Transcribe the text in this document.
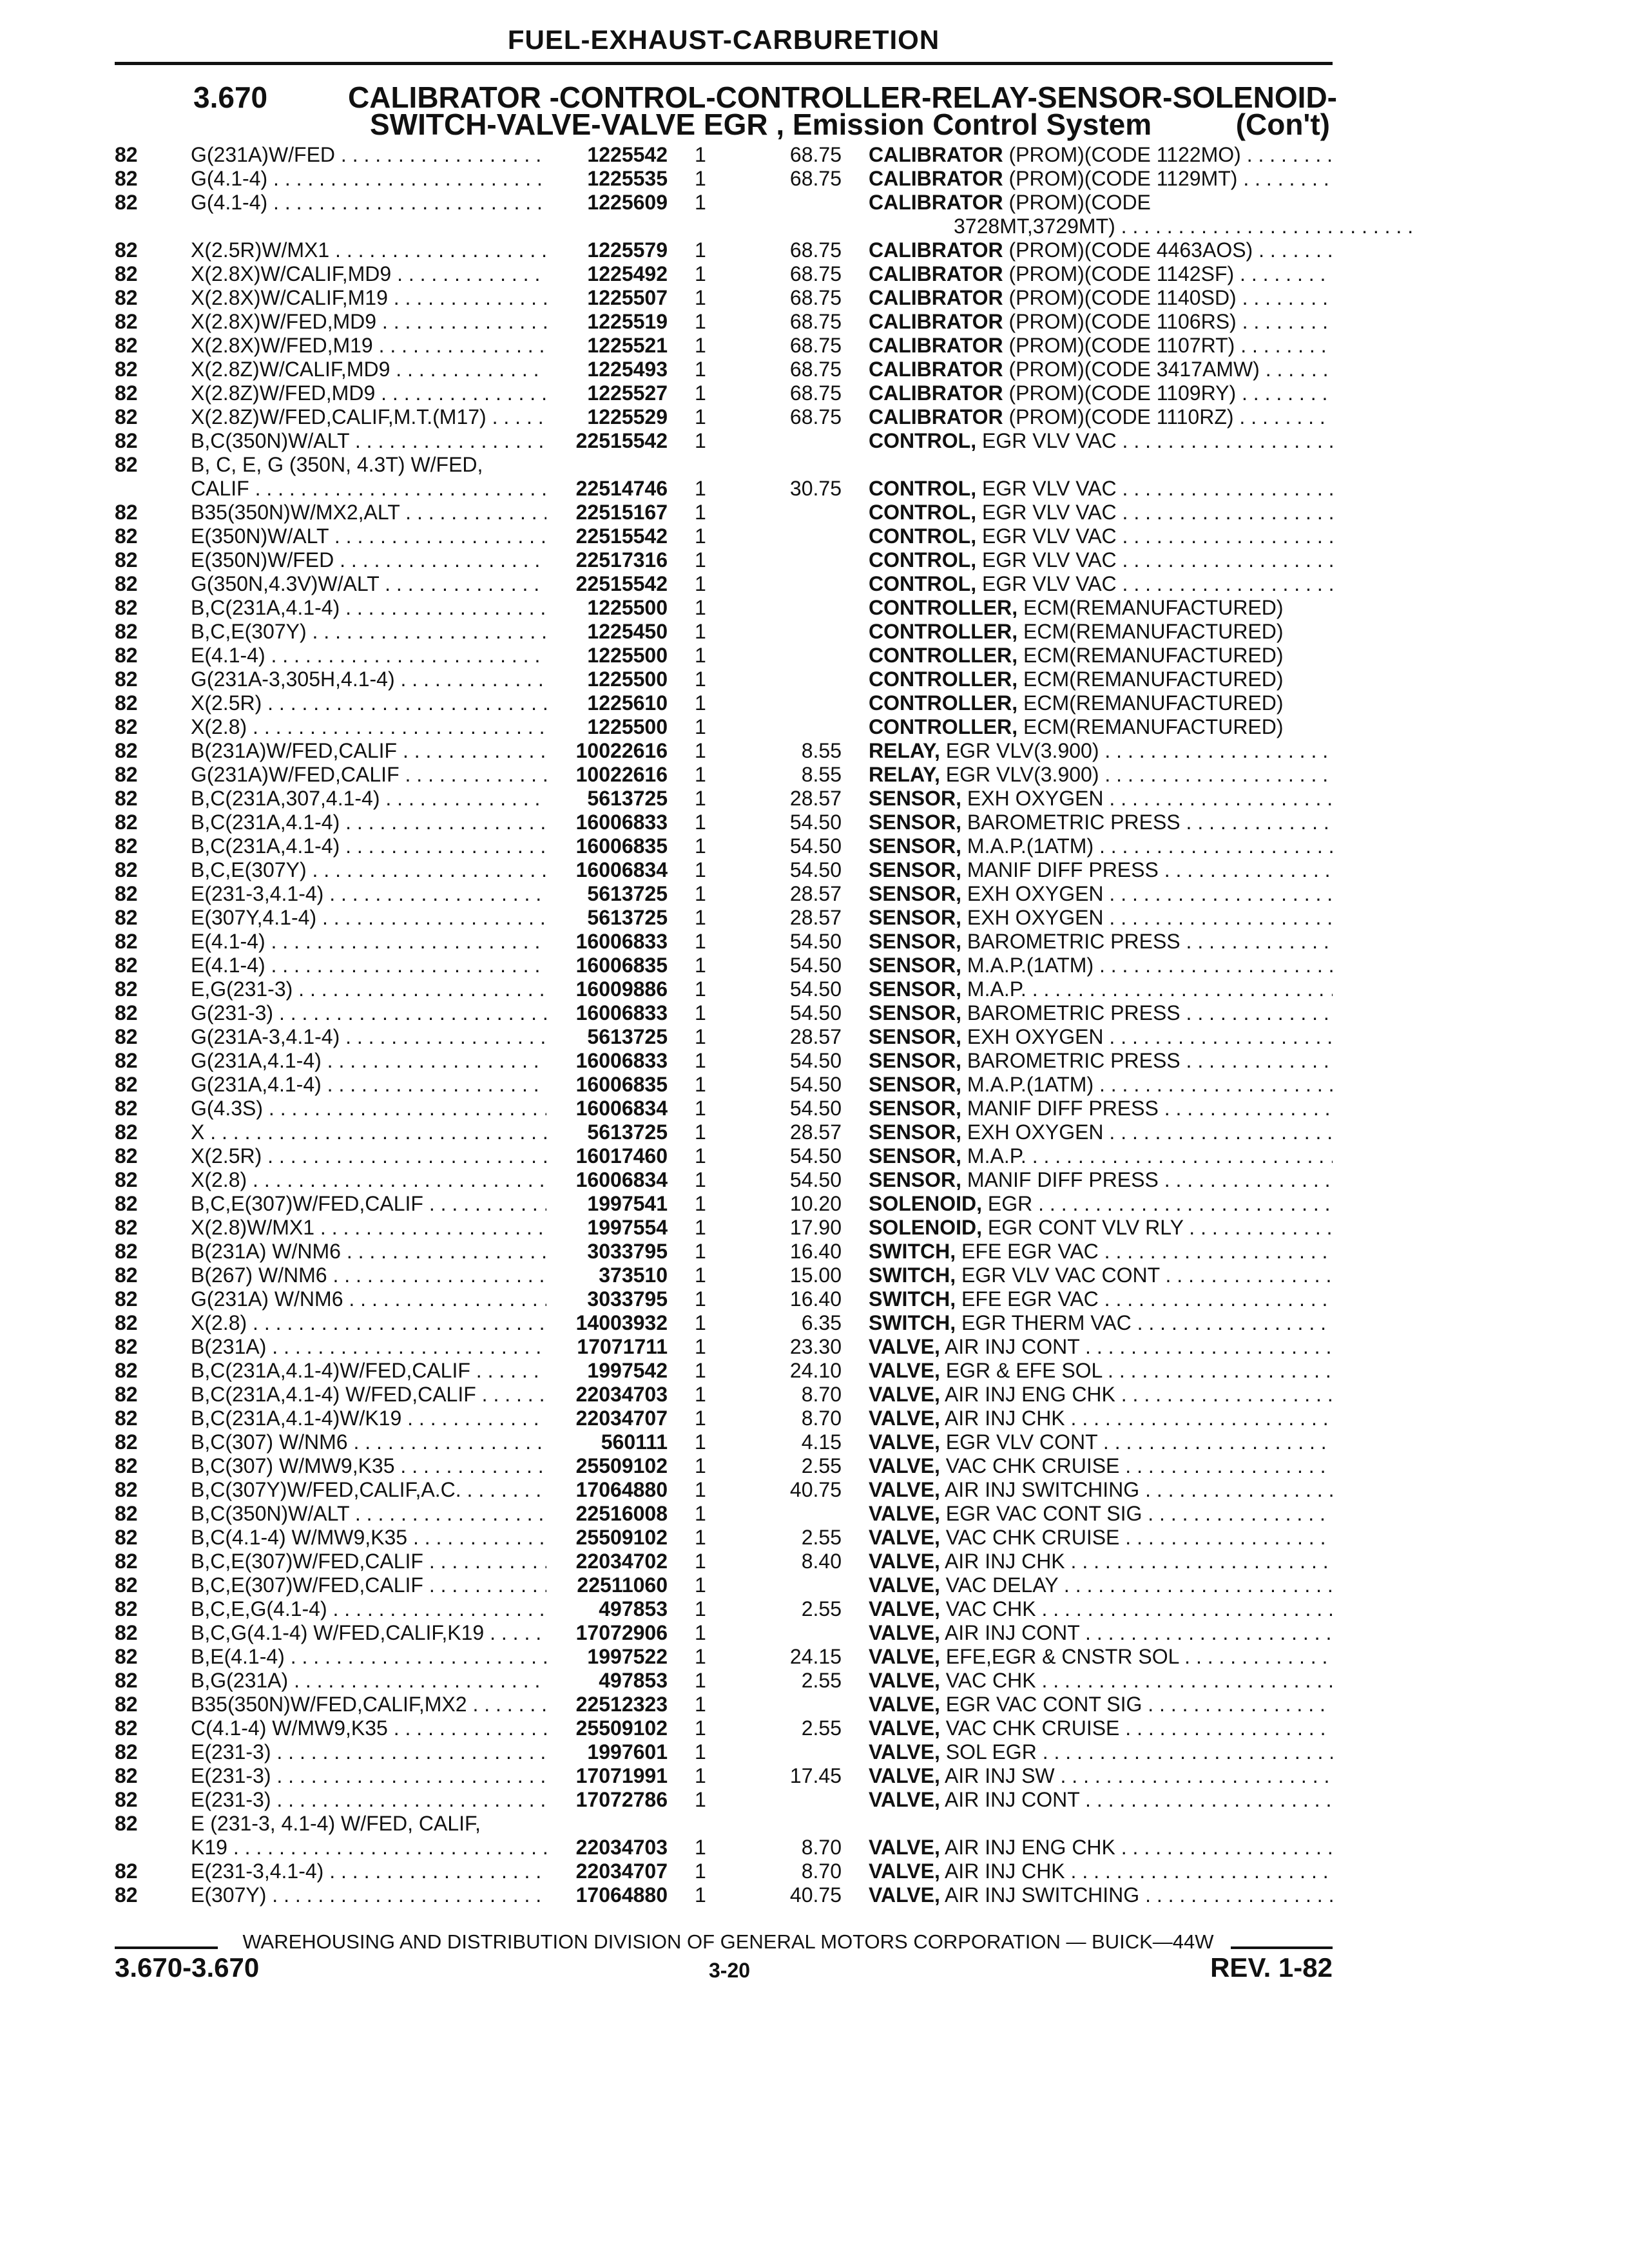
FUEL-EXHAUST-CARBURETION
3.670	CALIBRATOR -CONTROL-CONTROLLER-RELAY-SENSOR-SOLENOID-
SWITCH-VALVE-VALVE EGR , Emission Control System	(Con't)
82	G(231A)W/FED . . .	1225542 1	68.75 CALIBRATOR (PROM)(CODE 1122MO) . . .
82	G(4.1-4) . . .	1225535 1	68.75 CALIBRATOR (PROM)(CODE 1129MT) . . .
82	G(4.1-4) . . .	1225609 1	CALIBRATOR (PROM)(CODE
3728MT,3729MT) . . .
82	X(2.5R)W/MX1 . . .	1225579 1	68.75 CALIBRATOR (PROM)(CODE 4463AOS) . . .
82	X(2.8X)W/CALIF,MD9 . . .	1225492 1	68.75 CALIBRATOR (PROM)(CODE 1142SF) . . .
82	X(2.8X)W/CALIF,M19 . . .	1225507 1	68.75 CALIBRATOR (PROM)(CODE 1140SD) . . .
82	X(2.8X)W/FED,MD9 . . .	1225519 1	68.75 CALIBRATOR (PROM)(CODE 1106RS) . . .
82	X(2.8X)W/FED,M19 . . .	1225521 1	68.75 CALIBRATOR (PROM)(CODE 1107RT) . . .
82	X(2.8Z)W/CALIF,MD9 . . .	1225493 1	68.75 CALIBRATOR (PROM)(CODE 3417AMW) . . .
82	X(2.8Z)W/FED,MD9 . . .	1225527 1	68.75 CALIBRATOR (PROM)(CODE 1109RY) . . .
82	X(2.8Z)W/FED,CALIF,M.T.(M17) . . .	1225529 1	68.75 CALIBRATOR (PROM)(CODE 1110RZ) . . .
82	B,C(350N)W/ALT . . .	22515542 1	CONTROL, EGR VLV VAC . . .
82	B, C, E, G (350N, 4.3T) W/FED,
CALIF . . .	22514746 1	30.75 CONTROL, EGR VLV VAC . . .
82	B35(350N)W/MX2,ALT . . .	22515167 1	CONTROL, EGR VLV VAC . . .
82	E(350N)W/ALT . . .	22515542 1	CONTROL, EGR VLV VAC . . .
82	E(350N)W/FED . . .	22517316 1	CONTROL, EGR VLV VAC . . .
82	G(350N,4.3V)W/ALT . . .	22515542 1	CONTROL, EGR VLV VAC . . .
82	B,C(231A,4.1-4) . . .	1225500 1	CONTROLLER, ECM(REMANUFACTURED)
82	B,C,E(307Y) . . .	1225450 1	CONTROLLER, ECM(REMANUFACTURED)
82	E(4.1-4) . . .	1225500 1	CONTROLLER, ECM(REMANUFACTURED)
82	G(231A-3,305H,4.1-4) . . .	1225500 1	CONTROLLER, ECM(REMANUFACTURED)
82	X(2.5R) . . .	1225610 1	CONTROLLER, ECM(REMANUFACTURED)
82	X(2.8) . . .	1225500 1	CONTROLLER, ECM(REMANUFACTURED)
82	B(231A)W/FED,CALIF . . .	10022616 1	8.55 RELAY, EGR VLV(3.900) . . .
82	G(231A)W/FED,CALIF . . .	10022616 1	8.55 RELAY, EGR VLV(3.900) . . .
82	B,C(231A,307,4.1-4) . . .	5613725 1	28.57 SENSOR, EXH OXYGEN . . .
82	B,C(231A,4.1-4) . . .	16006833 1	54.50 SENSOR, BAROMETRIC PRESS . . .
82	B,C(231A,4.1-4) . . .	16006835 1	54.50 SENSOR, M.A.P.(1ATM) . . .
82	B,C,E(307Y) . . .	16006834 1	54.50 SENSOR, MANIF DIFF PRESS . . .
82	E(231-3,4.1-4) . . .	5613725 1	28.57 SENSOR, EXH OXYGEN . . .
82	E(307Y,4.1-4) . . .	5613725 1	28.57 SENSOR, EXH OXYGEN . . .
82	E(4.1-4) . . .	16006833 1	54.50 SENSOR, BAROMETRIC PRESS . . .
82	E(4.1-4) . . .	16006835 1	54.50 SENSOR, M.A.P.(1ATM) . . .
82	E,G(231-3) . . .	16009886 1	54.50 SENSOR, M.A.P. . . .
82	G(231-3) . . .	16006833 1	54.50 SENSOR, BAROMETRIC PRESS . . .
82	G(231A-3,4.1-4) . . .	5613725 1	28.57 SENSOR, EXH OXYGEN . . .
82	G(231A,4.1-4) . . .	16006833 1	54.50 SENSOR, BAROMETRIC PRESS . . .
82	G(231A,4.1-4) . . .	16006835 1	54.50 SENSOR, M.A.P.(1ATM) . . .
82	G(4.3S) . . .	16006834 1	54.50 SENSOR, MANIF DIFF PRESS . . .
82	X . . .	5613725 1	28.57 SENSOR, EXH OXYGEN . . .
82	X(2.5R) . . .	16017460 1	54.50 SENSOR, M.A.P. . . .
82	X(2.8) . . .	16006834 1	54.50 SENSOR, MANIF DIFF PRESS . . .
82	B,C,E(307)W/FED,CALIF . . .	1997541 1	10.20 SOLENOID, EGR . . .
82	X(2.8)W/MX1 . . .	1997554 1	17.90 SOLENOID, EGR CONT VLV RLY . . .
82	B(231A) W/NM6 . . .	3033795 1	16.40 SWITCH, EFE EGR VAC . . .
82	B(267) W/NM6 . . .	373510 1	15.00 SWITCH, EGR VLV VAC CONT . . .
82	G(231A) W/NM6 . . .	3033795 1	16.40 SWITCH, EFE EGR VAC . . .
82	X(2.8) . . .	14003932 1	6.35 SWITCH, EGR THERM VAC . . .
82	B(231A) . . .	17071711 1	23.30 VALVE, AIR INJ CONT . . .
82	B,C(231A,4.1-4)W/FED,CALIF . . .	1997542 1	24.10 VALVE, EGR & EFE SOL . . .
82	B,C(231A,4.1-4) W/FED,CALIF . . .	22034703 1	8.70 VALVE, AIR INJ ENG CHK . . .
82	B,C(231A,4.1-4)W/K19 . . .	22034707 1	8.70 VALVE, AIR INJ CHK . . .
82	B,C(307) W/NM6 . . .	560111 1	4.15 VALVE, EGR VLV CONT . . .
82	B,C(307) W/MW9,K35 . . .	25509102 1	2.55 VALVE, VAC CHK CRUISE . . .
82	B,C(307Y)W/FED,CALIF,A.C. . . .	17064880 1	40.75 VALVE, AIR INJ SWITCHING . . .
82	B,C(350N)W/ALT . . .	22516008 1	VALVE, EGR VAC CONT SIG . . .
82	B,C(4.1-4) W/MW9,K35 . . .	25509102 1	2.55 VALVE, VAC CHK CRUISE . . .
82	B,C,E(307)W/FED,CALIF . . .	22034702 1	8.40 VALVE, AIR INJ CHK . . .
82	B,C,E(307)W/FED,CALIF . . .	22511060 1	VALVE, VAC DELAY . . .
82	B,C,E,G(4.1-4) . . .	497853 1	2.55 VALVE, VAC CHK . . .
82	B,C,G(4.1-4) W/FED,CALIF,K19 . . .	17072906 1	VALVE, AIR INJ CONT . . .
82	B,E(4.1-4) . . .	1997522 1	24.15 VALVE, EFE,EGR & CNSTR SOL . . .
82	B,G(231A) . . .	497853 1	2.55 VALVE, VAC CHK . . .
82	B35(350N)W/FED,CALIF,MX2 . . .	22512323 1	VALVE, EGR VAC CONT SIG . . .
82	C(4.1-4) W/MW9,K35 . . .	25509102 1	2.55 VALVE, VAC CHK CRUISE . . .
82	E(231-3) . . .	1997601 1	VALVE, SOL EGR . . .
82	E(231-3) . . .	17071991 1	17.45 VALVE, AIR INJ SW . . .
82	E(231-3) . . .	17072786 1	VALVE, AIR INJ CONT . . .
82	E (231-3, 4.1-4) W/FED, CALIF,
K19 . . .	22034703 1	8.70 VALVE, AIR INJ ENG CHK . . .
82	E(231-3,4.1-4) . . .	22034707 1	8.70 VALVE, AIR INJ CHK . . .
82	E(307Y) . . .	17064880 1	40.75 VALVE, AIR INJ SWITCHING . . .
WAREHOUSING AND DISTRIBUTION DIVISION OF GENERAL MOTORS CORPORATION — BUICK—44W
3.670-3.670	3-20	REV. 1-82
